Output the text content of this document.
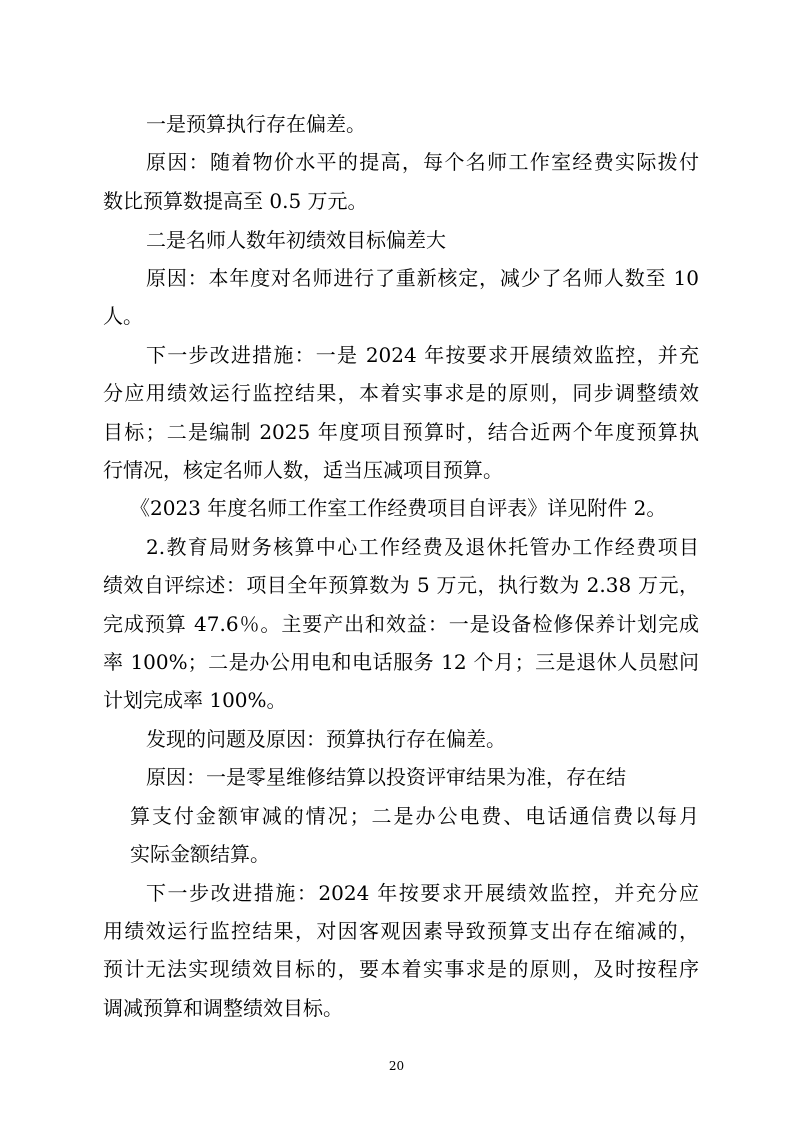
一是预算执行存在偏差。
原因：随着物价水平的提高，每个名师工作室经费实际拨付
数比预算数提高至 0.5 万元。
二是名师人数年初绩效目标偏差大
原因：本年度对名师进行了重新核定，减少了名师人数至 10
人。
下一步改进措施：一是 2024 年按要求开展绩效监控，并充
分应用绩效运行监控结果，本着实事求是的原则，同步调整绩效
目标；二是编制 2025 年度项目预算时，结合近两个年度预算执
行情况，核定名师人数，适当压减项目预算。
《2023 年度名师工作室工作经费项目自评表》详见附件 2。
2.教育局财务核算中心工作经费及退休托管办工作经费项目
绩效自评综述：项目全年预算数为 5 万元，执行数为 2.38 万元，
完成预算 47.6％。主要产出和效益：一是设备检修保养计划完成
率 100%；二是办公用电和电话服务 12 个月；三是退休人员慰问
计划完成率 100%。
发现的问题及原因：预算执行存在偏差。
原因：一是零星维修结算以投资评审结果为准，存在结
算支付金额审减的情况；二是办公电费、电话通信费以每月
实际金额结算。
下一步改进措施：2024 年按要求开展绩效监控，并充分应
用绩效运行监控结果，对因客观因素导致预算支出存在缩减的，
预计无法实现绩效目标的，要本着实事求是的原则，及时按程序
调减预算和调整绩效目标。
20
